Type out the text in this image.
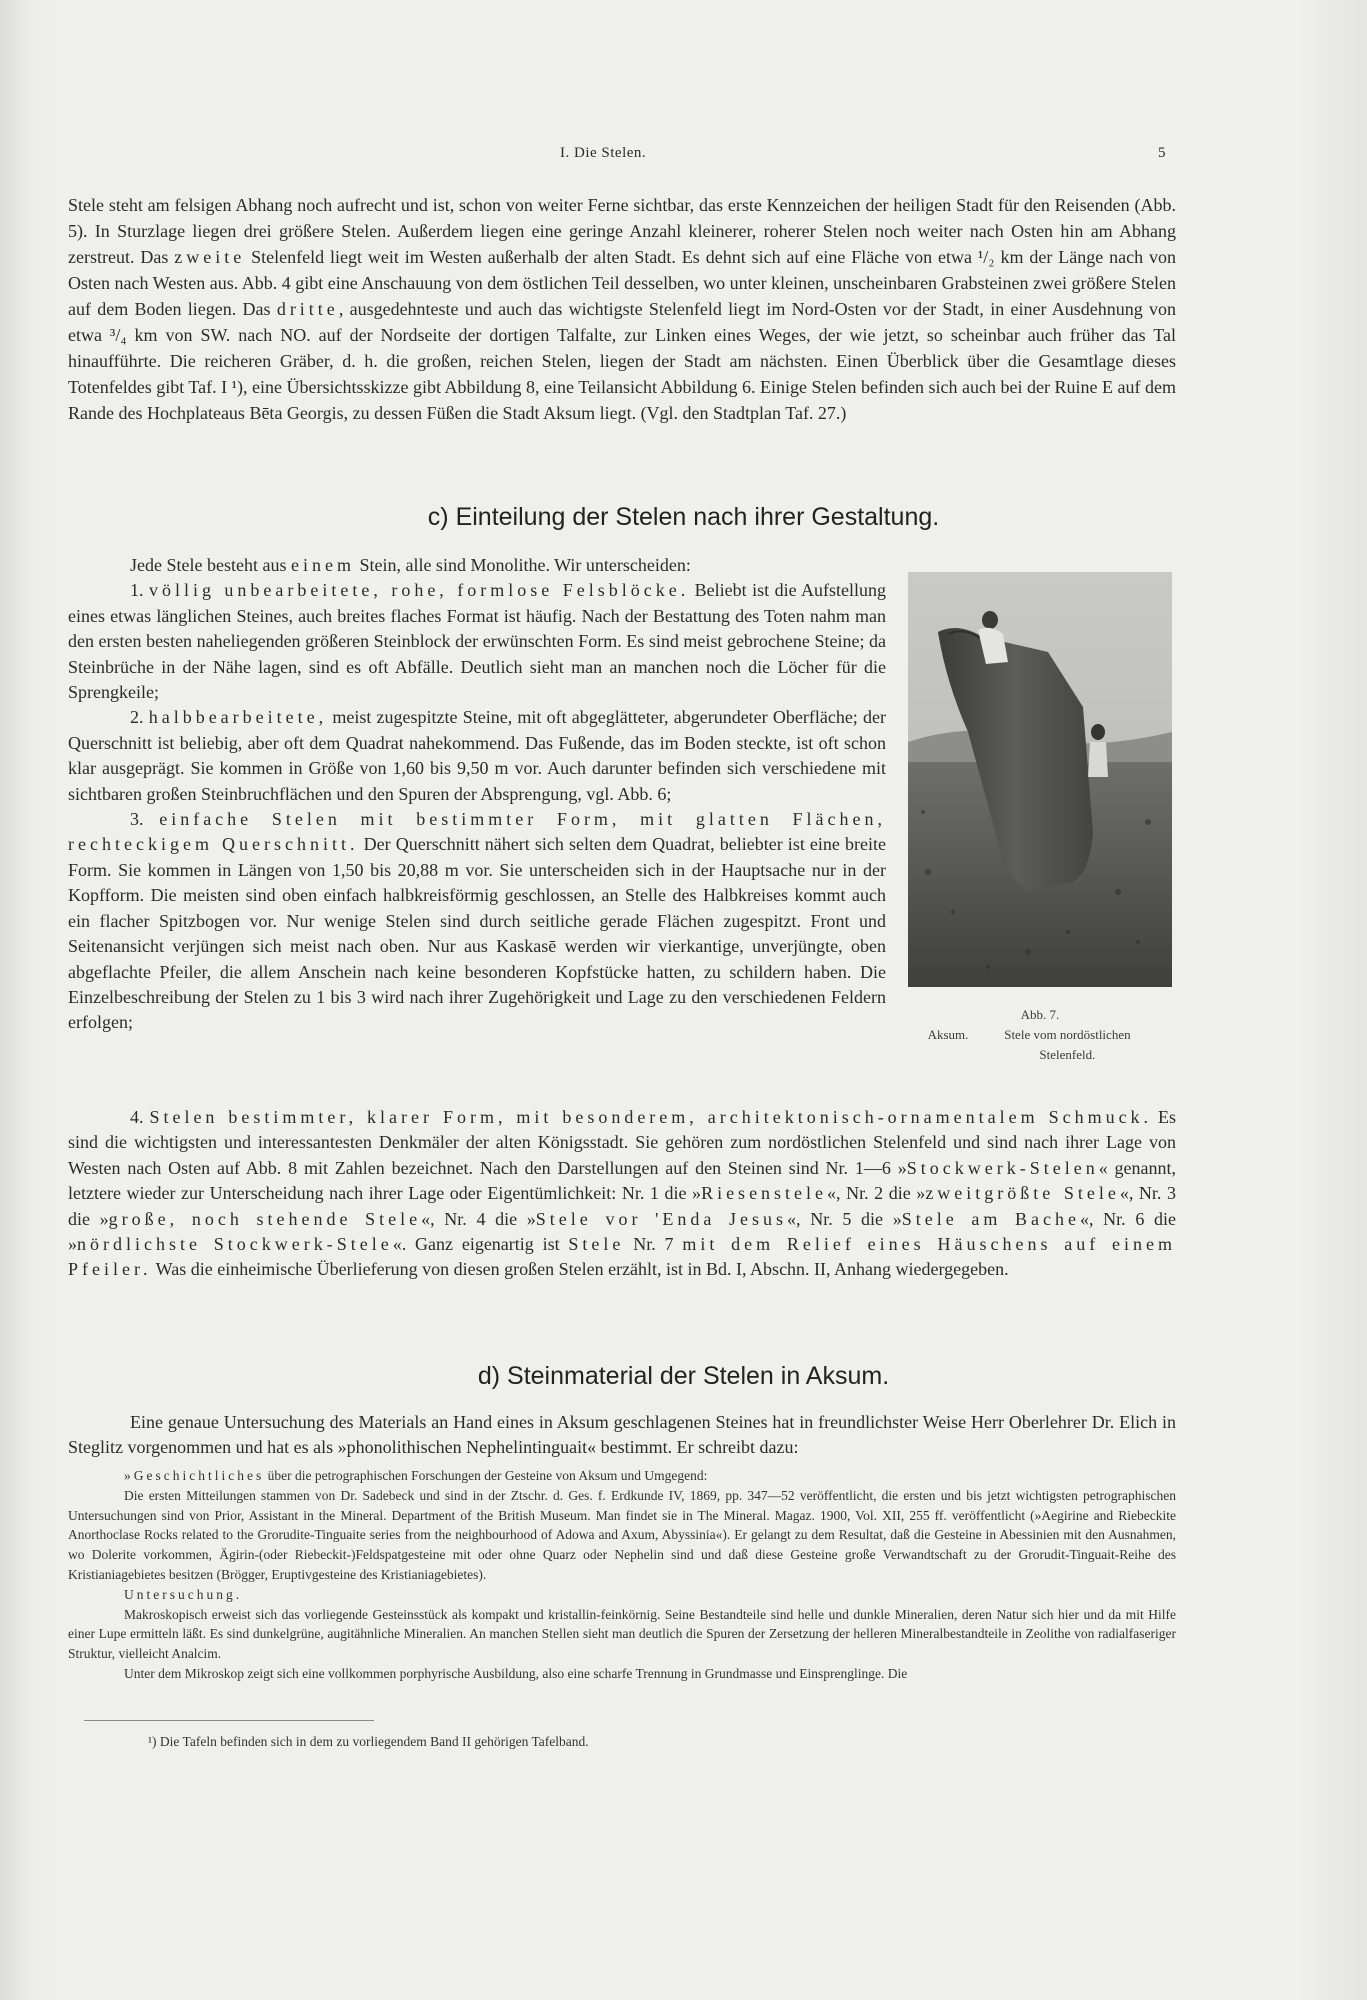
I. Die Stelen.	5

Stele steht am felsigen Abhang noch aufrecht und ist, schon von weiter Ferne sichtbar, das erste Kennzeichen der heiligen Stadt für den Reisenden (Abb. 5). In Sturzlage liegen drei größere Stelen. Außerdem liegen eine geringe Anzahl kleinerer, roherer Stelen noch weiter nach Osten hin am Abhang zerstreut. Das zweite Stelenfeld liegt weit im Westen außerhalb der alten Stadt. Es dehnt sich auf eine Fläche von etwa ¹/₂ km der Länge nach von Osten nach Westen aus. Abb. 4 gibt eine Anschauung von dem östlichen Teil desselben, wo unter kleinen, unscheinbaren Grabsteinen zwei größere Stelen auf dem Boden liegen. Das dritte, ausgedehnteste und auch das wichtigste Stelenfeld liegt im Nord-Osten vor der Stadt, in einer Ausdehnung von etwa ³/₄ km von SW. nach NO. auf der Nordseite der dortigen Talfalte, zur Linken eines Weges, der wie jetzt, so scheinbar auch früher das Tal hinaufführte. Die reicheren Gräber, d. h. die großen, reichen Stelen, liegen der Stadt am nächsten. Einen Überblick über die Gesamtlage dieses Totenfeldes gibt Taf. I ¹), eine Übersichtsskizze gibt Abbildung 8, eine Teilansicht Abbildung 6. Einige Stelen befinden sich auch bei der Ruine E auf dem Rande des Hochplateaus Bēta Georgis, zu dessen Füßen die Stadt Aksum liegt. (Vgl. den Stadtplan Taf. 27.)

c) Einteilung der Stelen nach ihrer Gestaltung.

Jede Stele besteht aus einem Stein, alle sind Monolithe. Wir unterscheiden:

1. völlig unbearbeitete, rohe, formlose Felsblöcke. Beliebt ist die Aufstellung eines etwas länglichen Steines, auch breites flaches Format ist häufig. Nach der Bestattung des Toten nahm man den ersten besten naheliegenden größeren Steinblock der erwünschten Form. Es sind meist gebrochene Steine; da Steinbrüche in der Nähe lagen, sind es oft Abfälle. Deutlich sieht man an manchen noch die Löcher für die Sprengkeile;

2. halbbearbeitete, meist zugespitzte Steine, mit oft abgeglätteter, abgerundeter Oberfläche; der Querschnitt ist beliebig, aber oft dem Quadrat nahekommend. Das Fußende, das im Boden steckte, ist oft schon klar ausgeprägt. Sie kommen in Größe von 1,60 bis 9,50 m vor. Auch darunter befinden sich verschiedene mit sichtbaren großen Steinbruchflächen und den Spuren der Absprengung, vgl. Abb. 6;

3. einfache Stelen mit bestimmter Form, mit glatten Flächen, rechteckigem Querschnitt. Der Querschnitt nähert sich selten dem Quadrat, beliebter ist eine breite Form. Sie kommen in Längen von 1,50 bis 20,88 m vor. Sie unterscheiden sich in der Hauptsache nur in der Kopfform. Die meisten sind oben einfach halbkreisförmig geschlossen, an Stelle des Halbkreises kommt auch ein flacher Spitzbogen vor. Nur wenige Stelen sind durch seitliche gerade Flächen zugespitzt. Front und Seitenansicht verjüngen sich meist nach oben. Nur aus Kaskasē werden wir vierkantige, unverjüngte, oben abgeflachte Pfeiler, die allem Anschein nach keine besonderen Kopfstücke hatten, zu schildern haben. Die Einzelbeschreibung der Stelen zu 1 bis 3 wird nach ihrer Zugehörigkeit und Lage zu den verschiedenen Feldern erfolgen;	Abb. 7.
Aksum.	Stele vom nordöstlichen Stelenfeld.

4. Stelen bestimmter, klarer Form, mit besonderem, architektonisch-ornamentalem Schmuck. Es sind die wichtigsten und interessantesten Denkmäler der alten Königsstadt. Sie gehören zum nordöstlichen Stelenfeld und sind nach ihrer Lage von Westen nach Osten auf Abb. 8 mit Zahlen bezeichnet. Nach den Darstellungen auf den Steinen sind Nr. 1—6 »Stockwerk-Stelen« genannt, letztere wieder zur Unterscheidung nach ihrer Lage oder Eigentümlichkeit: Nr. 1 die »Riesenstele«, Nr. 2 die »zweitgrößte Stele«, Nr. 3 die »große, noch stehende Stele«, Nr. 4 die »Stele vor 'Enda Jesus«, Nr. 5 die »Stele am Bache«, Nr. 6 die »nördlichste Stockwerk-Stele«. Ganz eigenartig ist Stele Nr. 7 mit dem Relief eines Häuschens auf einem Pfeiler. Was die einheimische Überlieferung von diesen großen Stelen erzählt, ist in Bd. I, Abschn. II, Anhang wiedergegeben.

d) Steinmaterial der Stelen in Aksum.

Eine genaue Untersuchung des Materials an Hand eines in Aksum geschlagenen Steines hat in freundlichster Weise Herr Oberlehrer Dr. Elich in Steglitz vorgenommen und hat es als »phonolithischen Nephelintinguait« bestimmt. Er schreibt dazu:

»Geschichtliches über die petrographischen Forschungen der Gesteine von Aksum und Umgegend:

Die ersten Mitteilungen stammen von Dr. Sadebeck und sind in der Ztschr. d. Ges. f. Erdkunde IV, 1869, pp. 347—52 veröffentlicht, die ersten und bis jetzt wichtigsten petrographischen Untersuchungen sind von Prior, Assistant in the Mineral. Department of the British Museum. Man findet sie in The Mineral. Magaz. 1900, Vol. XII, 255 ff. veröffentlicht (»Aegirine and Riebeckite Anorthoclase Rocks related to the Grorudite-Tinguaite series from the neighbourhood of Adowa and Axum, Abyssinia«). Er gelangt zu dem Resultat, daß die Gesteine in Abessinien mit den Ausnahmen, wo Dolerite vorkommen, Ägirin-(oder Riebeckit-)Feldspatgesteine mit oder ohne Quarz oder Nephelin sind und daß diese Gesteine große Verwandtschaft zu der Grorudit-Tinguait-Reihe des Kristianiagebietes besitzen (Brögger, Eruptivgesteine des Kristianiagebietes).

Untersuchung.

Makroskopisch erweist sich das vorliegende Gesteinsstück als kompakt und kristallin-feinkörnig. Seine Bestandteile sind helle und dunkle Mineralien, deren Natur sich hier und da mit Hilfe einer Lupe ermitteln läßt. Es sind dunkelgrüne, augitähnliche Mineralien. An manchen Stellen sieht man deutlich die Spuren der Zersetzung der helleren Mineralbestandteile in Zeolithe von radialfaseriger Struktur, vielleicht Analcim.

Unter dem Mikroskop zeigt sich eine vollkommen porphyrische Ausbildung, also eine scharfe Trennung in Grundmasse und Einsprenglinge. Die

¹) Die Tafeln befinden sich in dem zu vorliegendem Band II gehörigen Tafelband.
